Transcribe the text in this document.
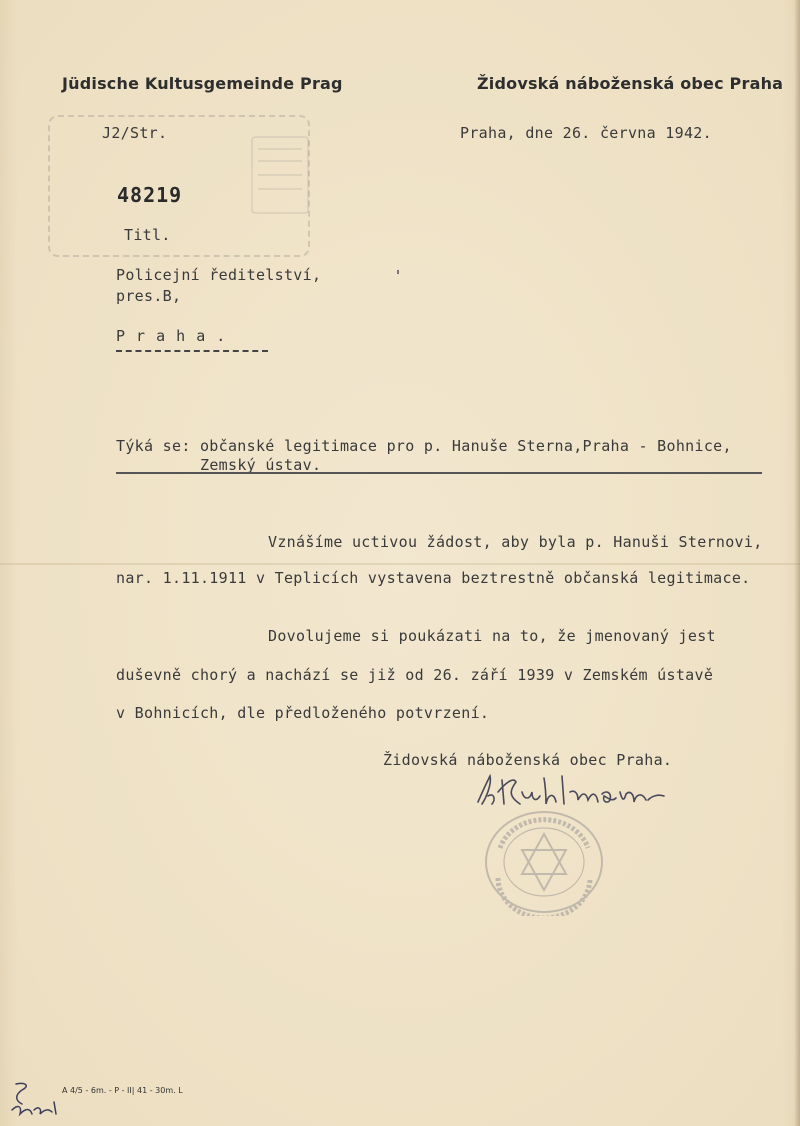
Jüdische Kultusgemeinde Prag	Židovská náboženská obec Praha
J2/Str.	Praha, dne 26. června 1942.
48219
Titl.
Policejní ředitelství,
pres.B,
P r a h a .
Týká se: občanské legitimace pro p. Hanuše Sterna,Praha - Bohnice,
Zemský ústav.
Vznášíme uctivou žádost, aby byla p. Hanuši Sternovi,
nar. 1.11.1911 v Teplicích vystavena beztrestně občanská legitimace.
Dovolujeme si poukázati na to, že jmenovaný jest
duševně chorý a nachází se již od 26. září 1939 v Zemském ústavě
v Bohnicích, dle předloženého potvrzení.
Židovská náboženská obec Praha.
A 4/5 - 6m. - P - II| 41 - 30m. L
